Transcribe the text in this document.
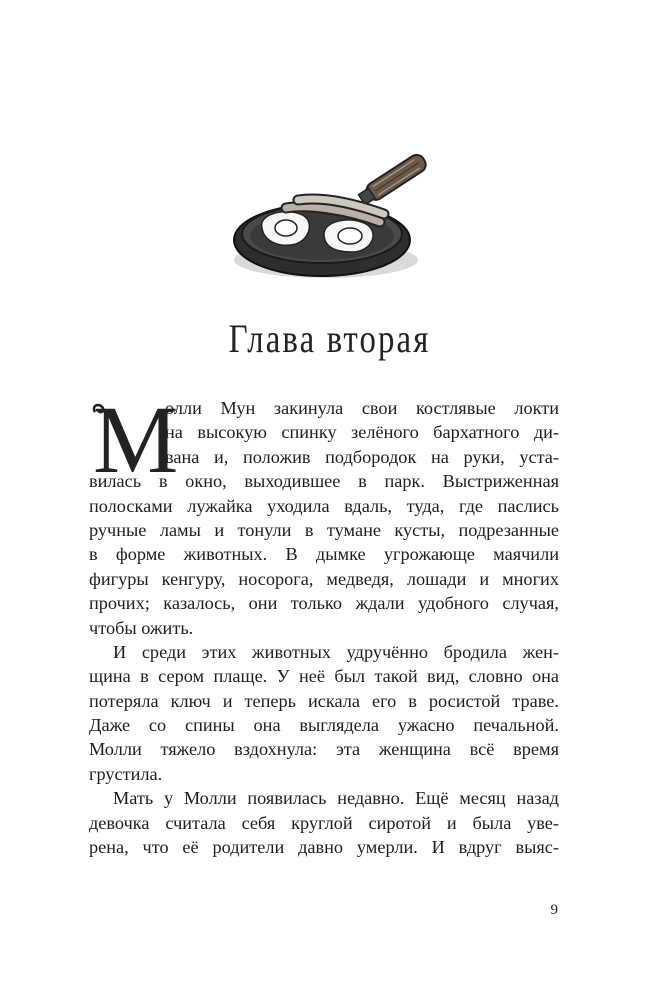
Глава вторая
М
олли Мун закинула свои костлявые локти
на высокую спинку зелёного бархатного ди-
вана и, положив подбородок на руки, уста-
вилась в окно, выходившее в парк. Выстриженная
полосками лужайка уходила вдаль, туда, где паслись
ручные ламы и тонули в тумане кусты, подрезанные
в форме животных. В дымке угрожающе маячили
фигуры кенгуру, носорога, медведя, лошади и многих
прочих; казалось, они только ждали удобного случая,
чтобы ожить.
И среди этих животных удручённо бродила жен-
щина в сером плаще. У неё был такой вид, словно она
потеряла ключ и теперь искала его в росистой траве.
Даже со спины она выглядела ужасно печальной.
Молли тяжело вздохнула: эта женщина всё время
грустила.
Мать у Молли появилась недавно. Ещё месяц назад
девочка считала себя круглой сиротой и была уве-
рена, что её родители давно умерли. И вдруг выяс-
9
